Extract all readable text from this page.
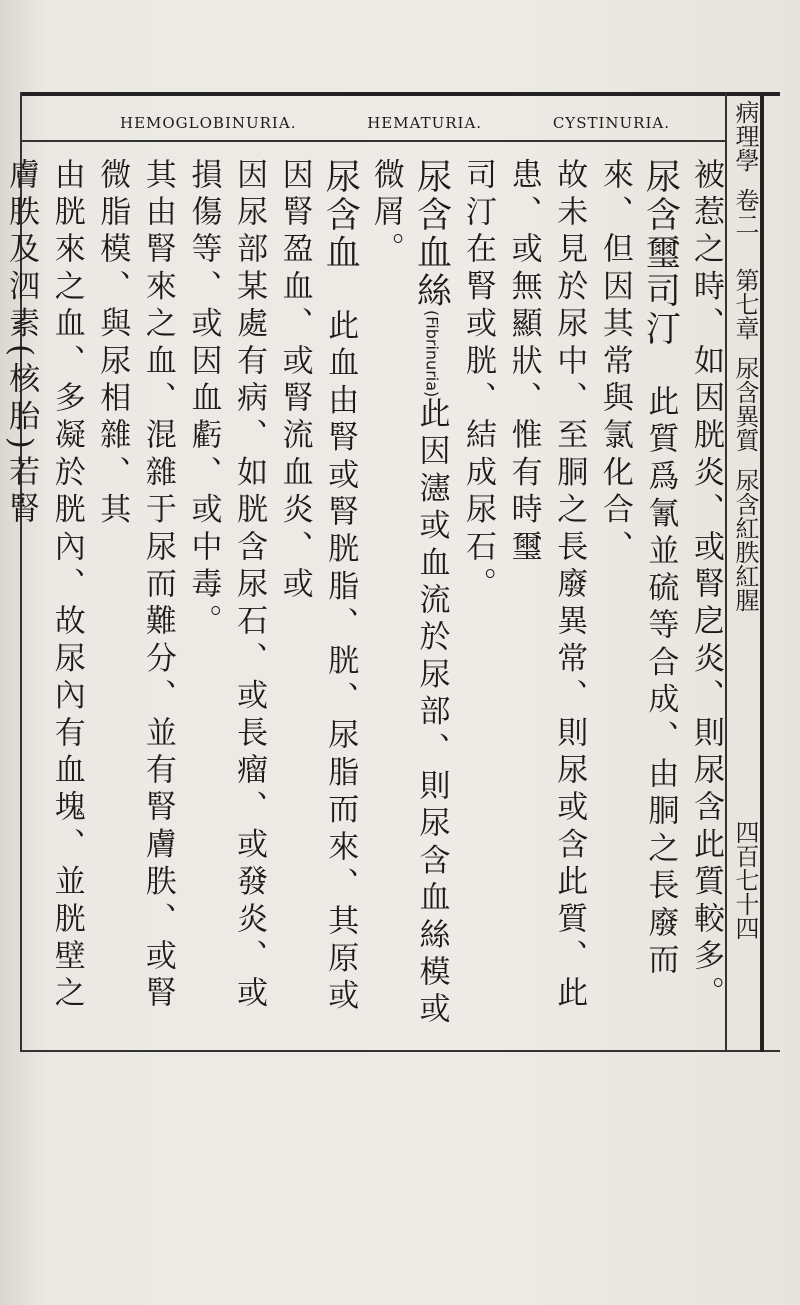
HEMOGLOBINURIA.	HEMATURIA.	CYSTINURIA.	病理學卷二第七章尿含異質尿含紅胅紅腥
四百七十四
被惹之時、如因胱炎、或腎戹炎、則尿含此質較多。
尿含璽司汀　此質爲氰並硫等合成、由胴之長廢而來、但因其常與氯化合、
故未見於尿中、至胴之長廢異常、則尿或含此質、此患、或無顯狀、惟有時璽
司汀在腎或胱、結成尿石。
尿含血絲(Fibrinuria)此因瀗或血流於尿部、則尿含血絲模或微屑。
尿含血　此血由腎或腎胱脂、胱、尿脂而來、其原或因腎盈血、或腎流血炎、或
因尿部某處有病、如胱含尿石、或長瘤、或發炎、或損傷等、或因血虧、或中毒。
其由腎來之血、混雜于尿而難分、並有腎膚胅、或腎微脂模、與尿相雜、其
由胱來之血、多凝於胱內、故尿內有血塊、並胱壁之膚胅及泗素(核胎)若腎
